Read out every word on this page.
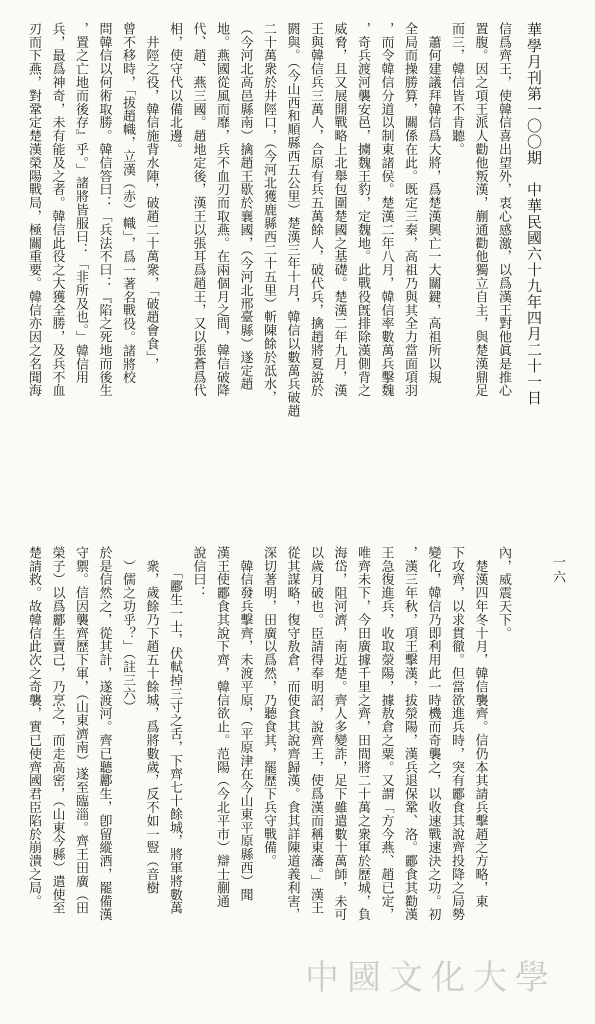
華學月刊第一〇〇期　中華民國六十九年四月二十一日
一六
信爲齊王，使韓信喜出望外，衷心感激，以爲漢王對他眞是推心
置腹。因之項王派人勸他叛漢，蒯通勸他獨立自主，與楚漢鼎足
而三，韓信皆不肯聽。
　蕭何建議拜韓信爲大將，爲楚漢興亡一大關鍵，高祖所以規
全局而操勝算，關係在此。既定三秦，高祖乃與其全力當面項羽
，而令韓信分道以制東諸侯。楚漢二年八月，韓信率數萬兵擊魏
，奇兵渡河襲安邑，擄魏王豹，定魏地。此戰役旣排除漢側背之
威脅，且又展開戰略上北舉包圍楚國之基礎。楚漢二年九月，漢
王與韓信兵三萬人，合原有兵五萬餘人，破代兵，擒趙將夏說於
閼與。（今山西和順縣西五公里）楚漢三年十月，韓信以數萬兵破趙
二十萬衆於井陘口，（今河北獲鹿縣西二十五里）斬陳餘於泜水，
（今河北高邑縣南）擒趙王歇於襄國，（今河北邢臺縣）遂定趙
地。燕國從風而靡，兵不血刃而取燕。在兩個月之間，韓信破降
代、趙、燕三國。趙地定後，漢王以張耳爲趙王，又以張蒼爲代
相，使守代以備北邊。
　井陘之役，韓信施背水陣，破趙二十萬衆，「破趙會食」，
曾不移時，「拔趙幟，立漢（赤）幟」，爲一著名戰役。諸將校
問韓信以何術取勝。韓信答曰：「兵法不曰：『陷之死地而後生
，置之亡地而後存』乎。」諸將皆服曰：「非所及也。」韓信用
兵，最爲神奇，未有能及之者。韓信此役之大獲全勝，及兵不血
刃而下燕，對鞏定楚漢榮陽戰局，極關重要。韓信亦因之名聞海
內，威震天下。
　楚漢四年冬十月，韓信襲齊。信仍本其請兵擊趙之方略，東
下攻齊，以求貫徹。但當欲進兵時，突有酈食其說齊投降之局勢
變化，韓信乃即利用此一時機而奇襲之，以收速戰速決之功。初
，漢三年秋，項王擊漢，拔滎陽，漢兵退保鞏、洛。酈食其勸漢
王急復進兵，收取滎陽，據敖倉之粟。又謂「方今燕、趙已定，
唯齊未下，今田廣據千里之齊，田間將二十萬之衆軍於歷城，負
海岱，阻河濟，南近楚。齊人多變詐，足下雖遣數十萬師，未可
以歲月破也。臣請得奉明詔，說齊王，使爲漢而稱東藩。」漢王
從其謀略，復守敖倉，而使食其說齊歸漢。食其詳陳道義利害，
深切著明，田廣以爲然，乃聽食其，罷歷下兵守戰備。
　韓信發兵擊齊，未渡平原，（平原津在今山東平原縣西）聞
漢王使酈食其說下齊，韓信欲止。范陽（今北平市）辯士蒯通
說信曰：
　　「酈生一士，伏軾掉三寸之舌，下齊七十餘城，將軍將數萬
　衆，歲餘乃下趙五十餘城，爲將數歲，反不如一豎（音樹
　）儒之功乎？」（註三六）
於是信然之，從其計，遂渡河。齊已聽酈生，卽留縱酒，罷備漢
守禦。信因襲齊歷下軍，（山東濟南）遂至臨淄。齊王田廣（田
榮子）以爲酈生賣己，乃烹之，而走高密，（山東今縣）遣使至
楚請救。故韓信此次之奇襲，實已使齊國君臣陷於崩潰之局。
中國文化大學
